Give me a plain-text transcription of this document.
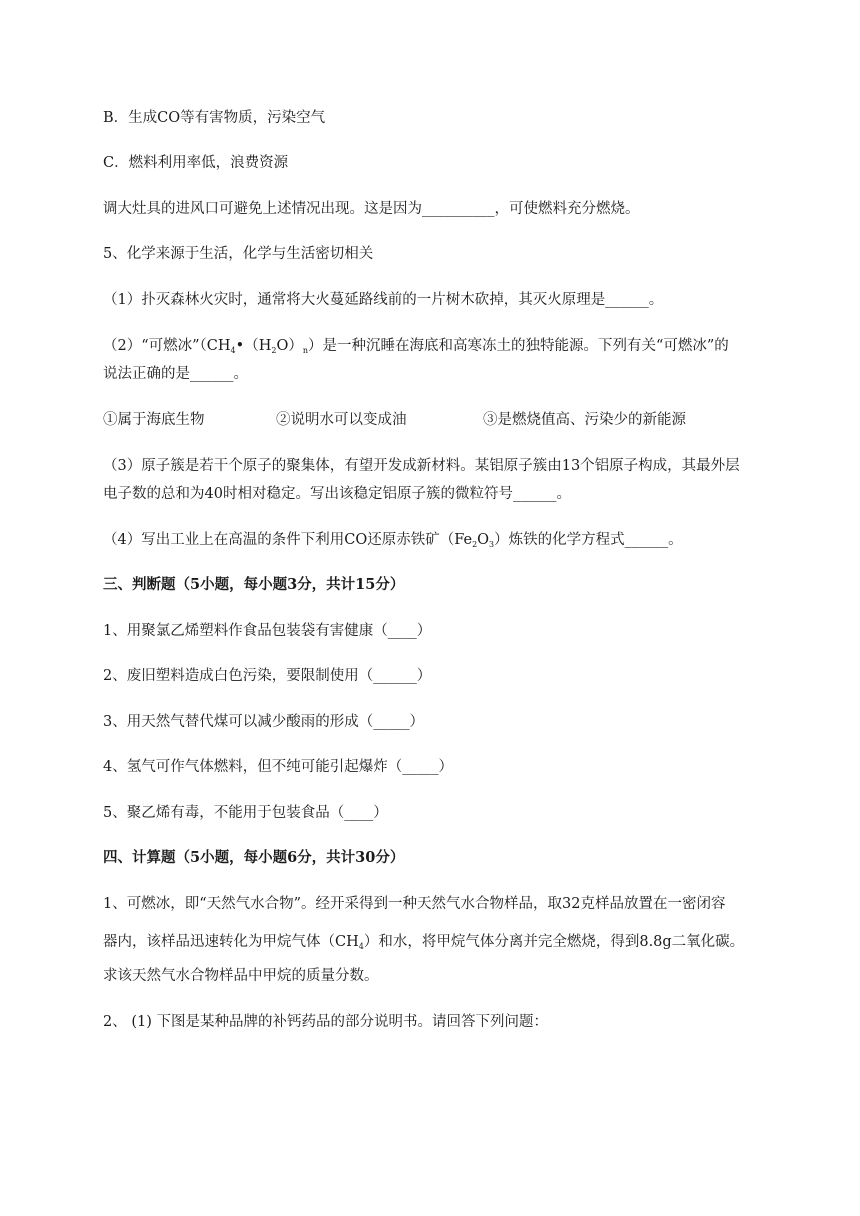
B．生成CO等有害物质，污染空气
C．燃料利用率低，浪费资源
调大灶具的进风口可避免上述情况出现。这是因为__________，可使燃料充分燃烧。
5、化学来源于生活，化学与生活密切相关
（1）扑灭森林火灾时，通常将大火蔓延路线前的一片树木砍掉，其灭火原理是______。
（2）“可燃冰$”(CH_4•(H_2O)_n)$是一种沉睡在海底和高寒冻土的独特能源。下列有关“可燃冰”的
说法正确的是______。
①属于海底生物	②说明水可以变成油	③是燃烧值高、污染少的新能源
（3）原子簇是若干个原子的聚集体，有望开发成新材料。某铝原子簇由13个铝原子构成，其最外层
电子数的总和为40时相对稳定。写出该稳定铝原子簇的微粒符号______。
（4）写出工业上在高温的条件下利用CO还原赤铁矿$(Fe_2O_3)$炼铁的化学方程式______。
三、判断题（5小题，每小题3分，共计15分）
1、用聚氯乙烯塑料作食品包装袋有害健康（____）
2、废旧塑料造成白色污染，要限制使用（______）
3、用天然气替代煤可以减少酸雨的形成（_____）
4、氢气可作气体燃料，但不纯可能引起爆炸（_____）
5、聚乙烯有毒，不能用于包装食品（____）
四、计算题（5小题，每小题6分，共计30分）
1、可燃冰，即“天然气水合物”。经开采得到一种天然气水合物样品，取32克样品放置在一密闭容
器内，该样品迅速转化为甲烷气体$(CH_4)$和水，将甲烷气体分离并完全燃烧，得到8.8g二氧化碳。
求该天然气水合物样品中甲烷的质量分数。
2、 (1) 下图是某种品牌的补钙药品的部分说明书。请回答下列问题：
